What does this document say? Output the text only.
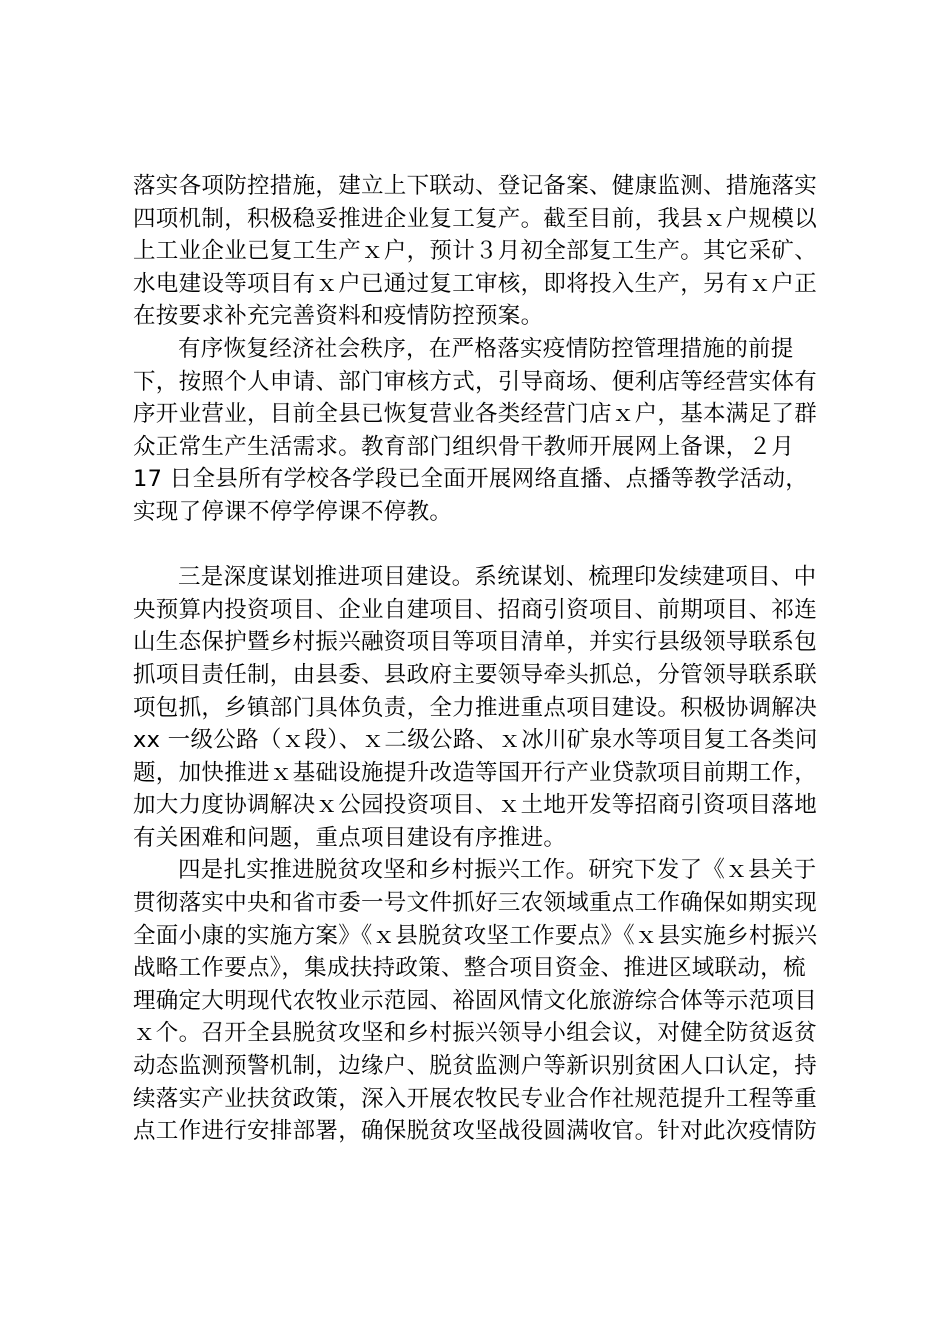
落实各项防控措施，建立上下联动、登记备案、健康监测、措施落实四项机制，积极稳妥推进企业复工复产。截至目前，我县ｘ户规模以上工业企业已复工生产ｘ户，预计３月初全部复工生产。其它采矿、水电建设等项目有ｘ户已通过复工审核，即将投入生产，另有ｘ户正在按要求补充完善资料和疫情防控预案。

有序恢复经济社会秩序，在严格落实疫情防控管理措施的前提下，按照个人申请、部门审核方式，引导商场、便利店等经营实体有序开业营业，目前全县已恢复营业各类经营门店ｘ户，基本满足了群众正常生产生活需求。教育部门组织骨干教师开展网上备课，２月 17 日全县所有学校各学段已全面开展网络直播、点播等教学活动，实现了停课不停学停课不停教。

三是深度谋划推进项目建设。系统谋划、梳理印发续建项目、中央预算内投资项目、企业自建项目、招商引资项目、前期项目、祁连山生态保护暨乡村振兴融资项目等项目清单，并实行县级领导联系包抓项目责任制，由县委、县政府主要领导牵头抓总，分管领导联系联项包抓，乡镇部门具体负责，全力推进重点项目建设。积极协调解决 xx 一级公路（ｘ段）、ｘ二级公路、ｘ冰川矿泉水等项目复工各类问题，加快推进ｘ基础设施提升改造等国开行产业贷款项目前期工作，加大力度协调解决ｘ公园投资项目、ｘ土地开发等招商引资项目落地有关困难和问题，重点项目建设有序推进。

四是扎实推进脱贫攻坚和乡村振兴工作。研究下发了《ｘ县关于贯彻落实中央和省市委一号文件抓好三农领域重点工作确保如期实现全面小康的实施方案》《ｘ县脱贫攻坚工作要点》《ｘ县实施乡村振兴战略工作要点》，集成扶持政策、整合项目资金、推进区域联动，梳理确定大明现代农牧业示范园、裕固风情文化旅游综合体等示范项目ｘ个。召开全县脱贫攻坚和乡村振兴领导小组会议，对健全防贫返贫动态监测预警机制，边缘户、脱贫监测户等新识别贫困人口认定，持续落实产业扶贫政策，深入开展农牧民专业合作社规范提升工程等重点工作进行安排部署，确保脱贫攻坚战役圆满收官。针对此次疫情防
